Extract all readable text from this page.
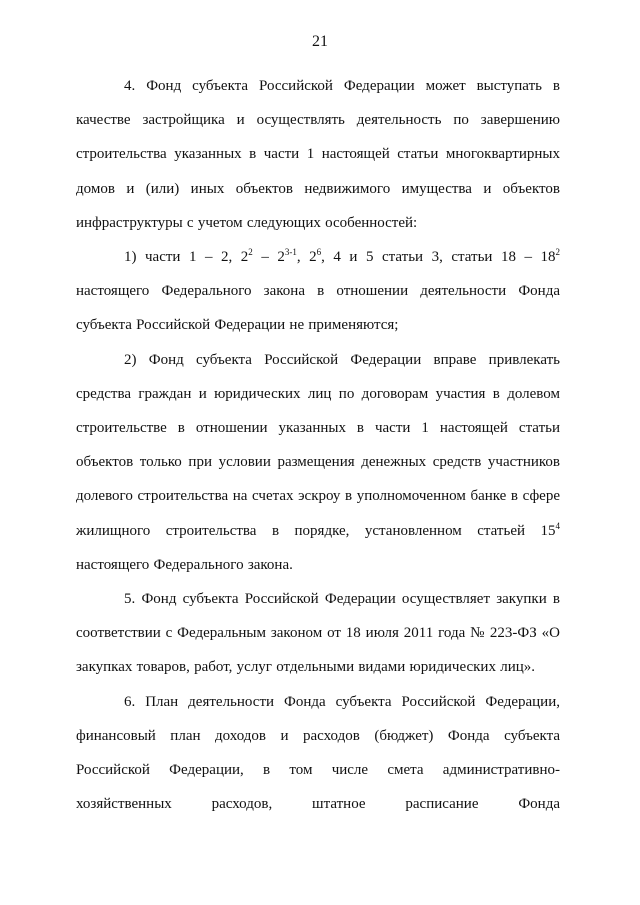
21

4. Фонд субъекта Российской Федерации может выступать в качестве застройщика и осуществлять деятельность по завершению строительства указанных в части 1 настоящей статьи многоквартирных домов и (или) иных объектов недвижимого имущества и объектов инфраструктуры с учетом следующих особенностей:

1) части 1 – 2, $2^2 - 2^{3-1}$, $2^6$, 4 и 5 статьи 3, статьи $18 - 18^2$ настоящего Федерального закона в отношении деятельности Фонда субъекта Российской Федерации не применяются;

2) Фонд субъекта Российской Федерации вправе привлекать средства граждан и юридических лиц по договорам участия в долевом строительстве в отношении указанных в части 1 настоящей статьи объектов только при условии размещения денежных средств участников долевого строительства на счетах эскроу в уполномоченном банке в сфере жилищного строительства в порядке, установленном статьей $15^4$ настоящего Федерального закона.

5. Фонд субъекта Российской Федерации осуществляет закупки в соответствии с Федеральным законом от 18 июля 2011 года № 223-ФЗ «О закупках товаров, работ, услуг отдельными видами юридических лиц».

6. План деятельности Фонда субъекта Российской Федерации, финансовый план доходов и расходов (бюджет) Фонда субъекта Российской Федерации, в том числе смета административно-хозяйственных расходов, штатное расписание Фонда
